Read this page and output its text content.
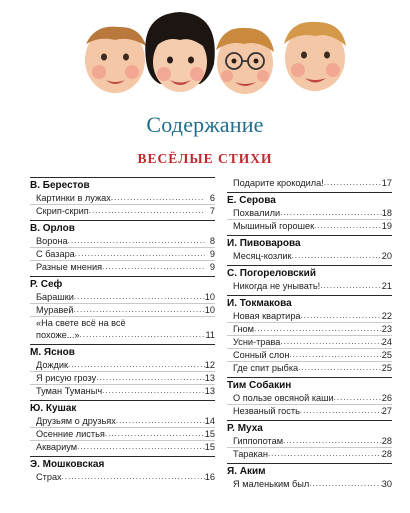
Содержание
ВЕСЁЛЫЕ СТИХИ
В. Берестов
Картинки в лужах .....	6
Скрип-скрип .....	7
В. Орлов
Ворона .....	8
С базара .....	9
Разные мнения .....	9
Р. Сеф
Барашки .....	10
Муравей .....	10
«На свете всё на всё
похоже...» .....	11
М. Яснов
Дождик .....	12
Я рисую грозу .....	13
Туман Туманыч .....	13
Ю. Кушак
Друзьям о друзьях .....	14
Осенние листья .....	15
Аквариум .....	15
Э. Мошковская
Страх .....	16
Подарите крокодила! .....	17
Е. Серова
Похвалили .....	18
Мышиный горошек .....	19
И. Пивоварова
Месяц-козлик .....	20
С. Погореловский
Никогда не унывать! .....	21
И. Токмакова
Новая квартира .....	22
Гном .....	23
Усни-трава .....	24
Сонный слон .....	25
Где спит рыбка .....	25
Тим Собакин
О пользе овсяной каши .....	26
Незваный гость .....	27
Р. Муха
Гиппопотам .....	28
Таракан .....	28
Я. Аким
Я маленьким был .....	30
